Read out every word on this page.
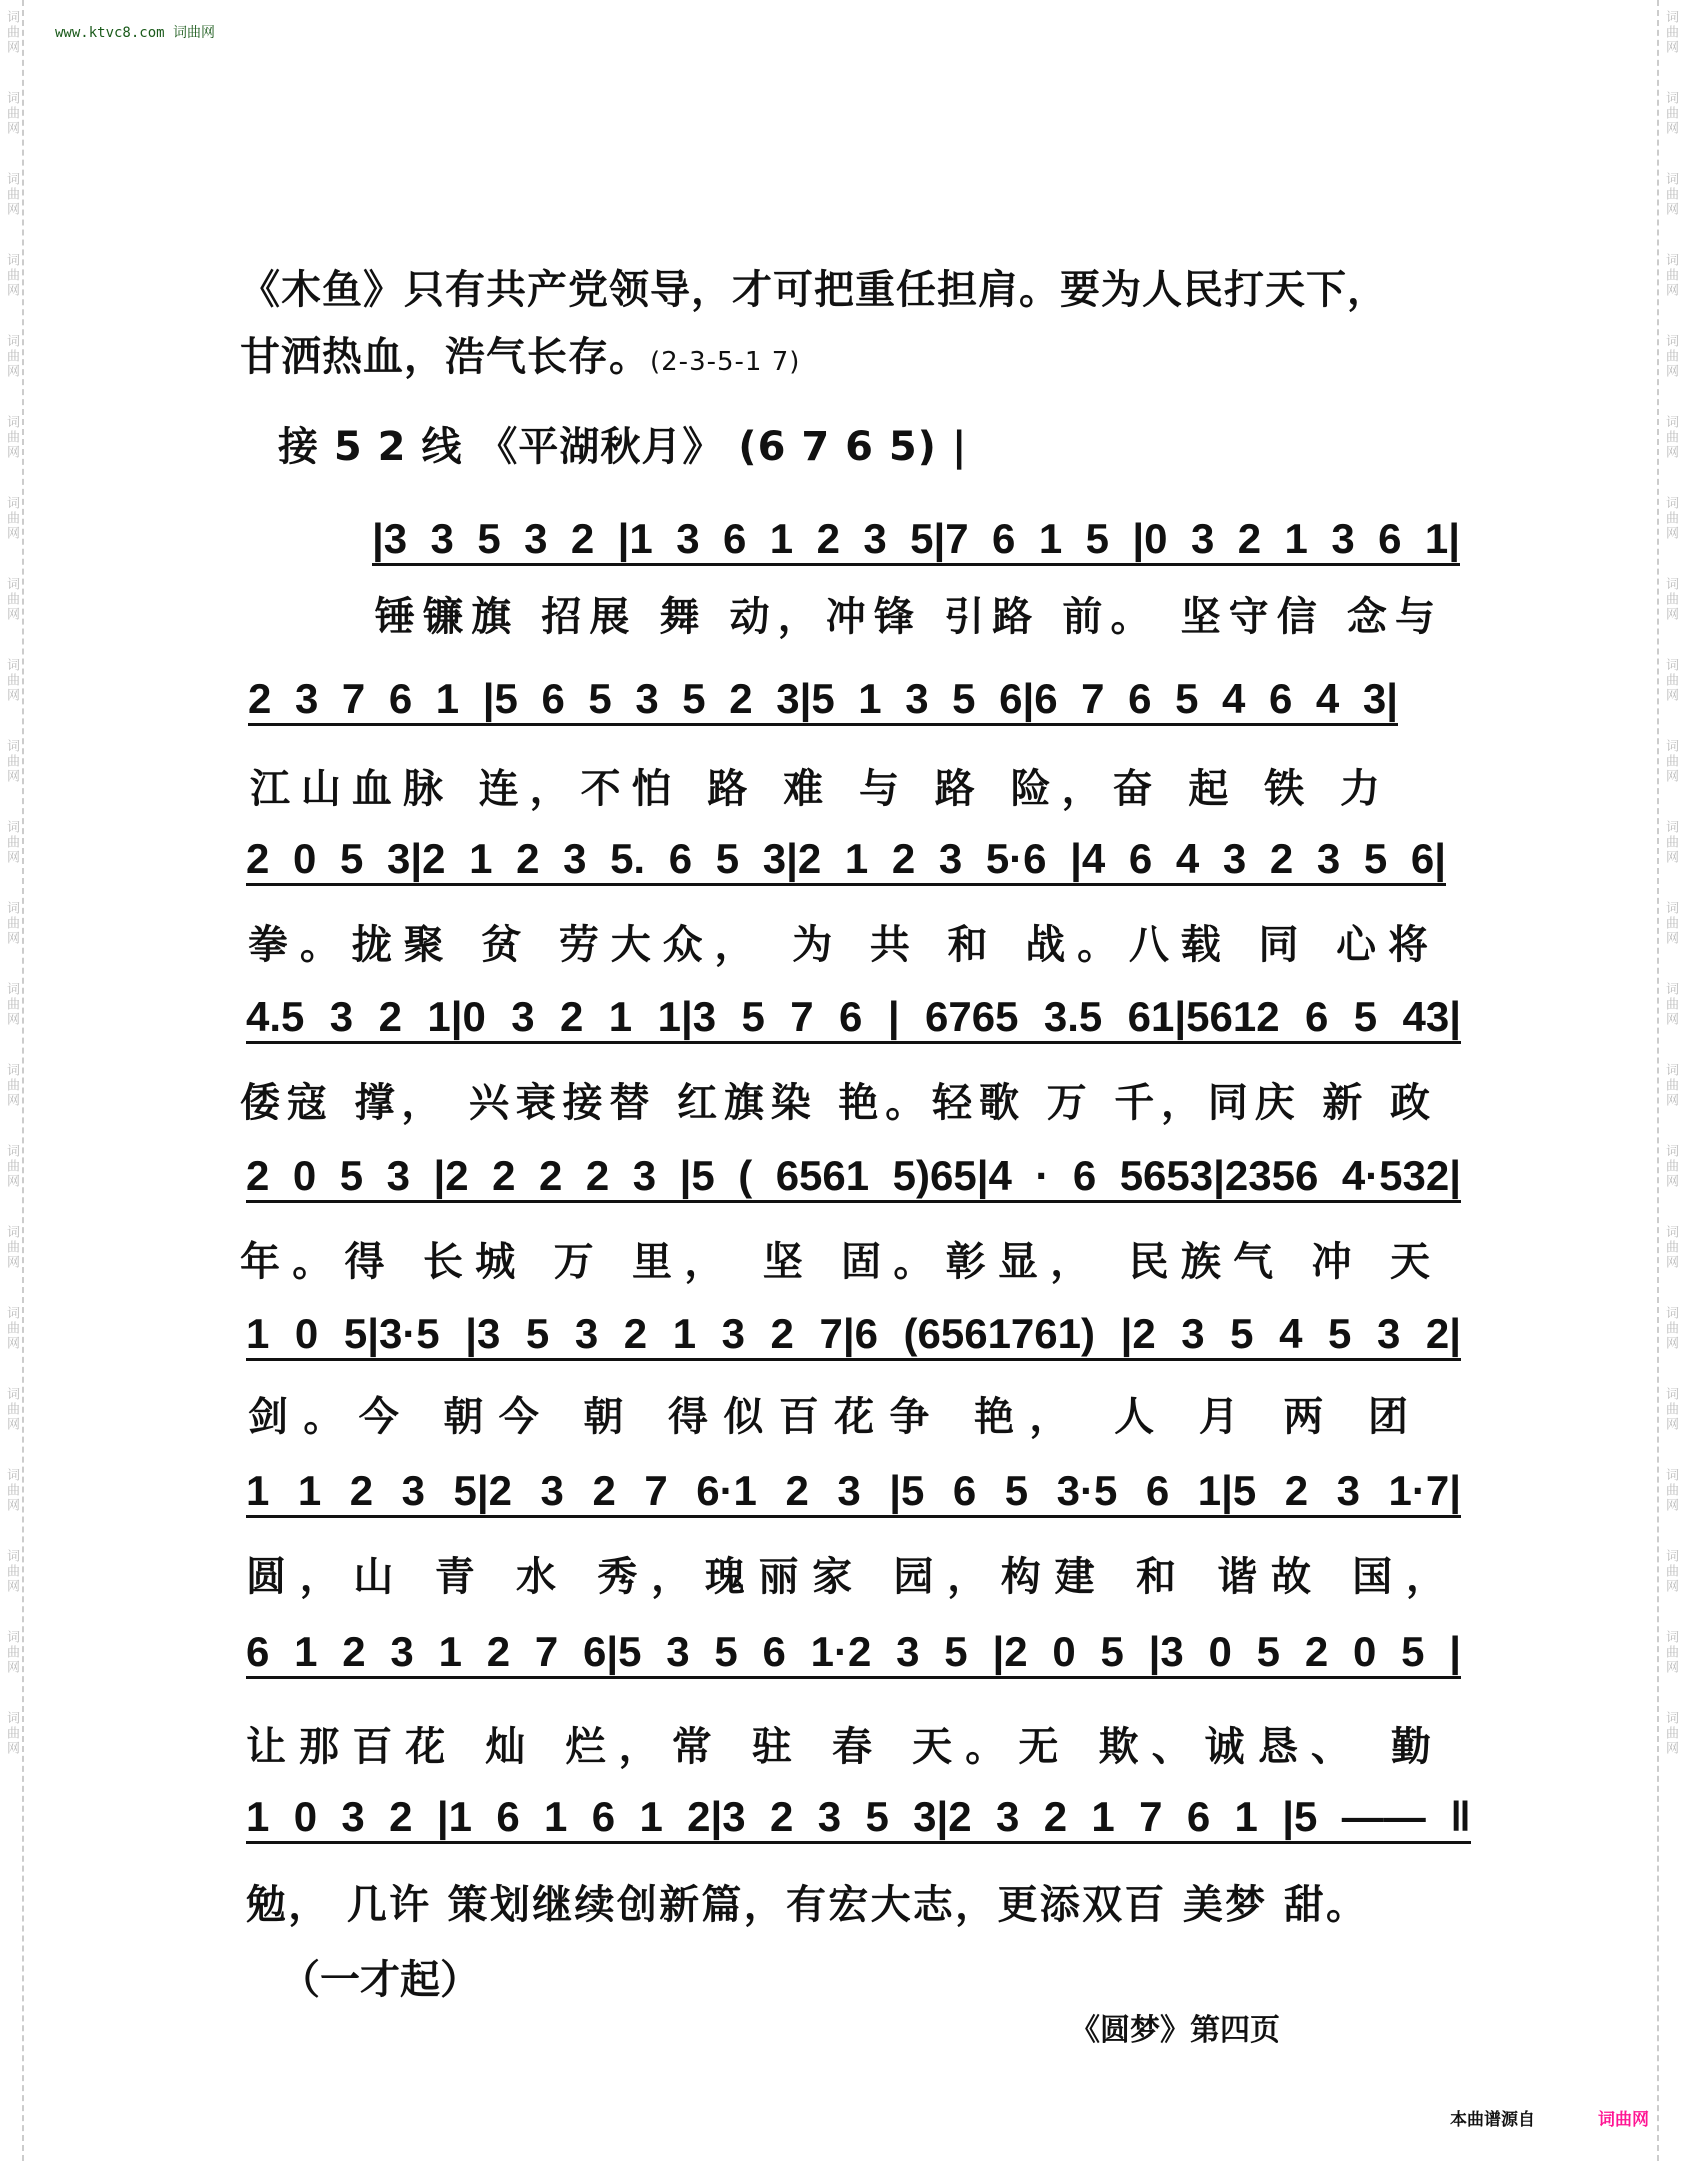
词曲网
词曲网
词曲网
词曲网
词曲网
词曲网
词曲网
词曲网
词曲网
词曲网
词曲网
词曲网
词曲网
词曲网
词曲网
词曲网
词曲网
词曲网
词曲网
词曲网
词曲网
词曲网
词曲网
词曲网
词曲网
词曲网
词曲网
词曲网
词曲网
词曲网
词曲网
词曲网
词曲网
词曲网
词曲网
词曲网
词曲网
词曲网
词曲网
词曲网
词曲网
词曲网
词曲网
词曲网
www.ktvc8.com 词曲网
《木鱼》只有共产党领导，才可把重任担肩。要为人民打天下，
甘洒热血，浩气长存。(2-3-5-1 7)
接 5 2 线 《平湖秋月》 (6 7 6 5) |
|3 3 5 3 2 |1 3 6 1 2 3 5|7 6 1 5 |0 3 2 1 3 6 1|
锤镰旗 招展 舞 动，冲锋 引路 前。 坚守信 念与
2 3 7 6 1 |5 6 5 3 5 2 3|5 1 3 5 6|6 7 6 5 4 6 4 3|
江山血脉 连，不怕 路 难 与 路 险，奋 起 铁 力
2 0 5 3|2 1 2 3 5. 6 5 3|2 1 2 3 5·6 |4 6 4 3 2 3 5 6|
拳。拢聚 贫 劳大众， 为 共 和 战。八载 同 心将
4.5 3 2 1|0 3 2 1 1|3 5 7 6 | 6765 3.5 61|5612 6 5 43|
倭寇 撑， 兴衰接替 红旗染 艳。轻歌 万 千，同庆 新 政
2 0 5 3 |2 2 2 2 3 |5 ( 6561 5)65|4 · 6 5653|2356 4·532|
年。得 长城 万 里， 坚 固。彰显， 民族气 冲 天
1 0 5|3·5 |3 5 3 2 1 3 2 7|6 (6561761) |2 3 5 4 5 3 2|
剑。今 朝今 朝 得似百花争 艳， 人 月 两 团
1 1 2 3 5|2 3 2 7 6·1 2 3 |5 6 5 3·5 6 1|5 2 3 1·7|
圆，山 青 水 秀，瑰丽家 园，构建 和 谐故 国，
6 1 2 3 1 2 7 6|5 3 5 6 1·2 3 5 |2 0 5 |3 0 5 2 0 5 |
让那百花 灿 烂，常 驻 春 天。无 欺、诚恳、 勤
1 0 3 2 |1 6 1 6 1 2|3 2 3 5 3|2 3 2 1 7 6 1 |5 —— ‖
勉， 几许 策划继续创新篇，有宏大志，更添双百 美梦 甜。
（一才起）
《圆梦》第四页
本曲谱源自	词曲网
